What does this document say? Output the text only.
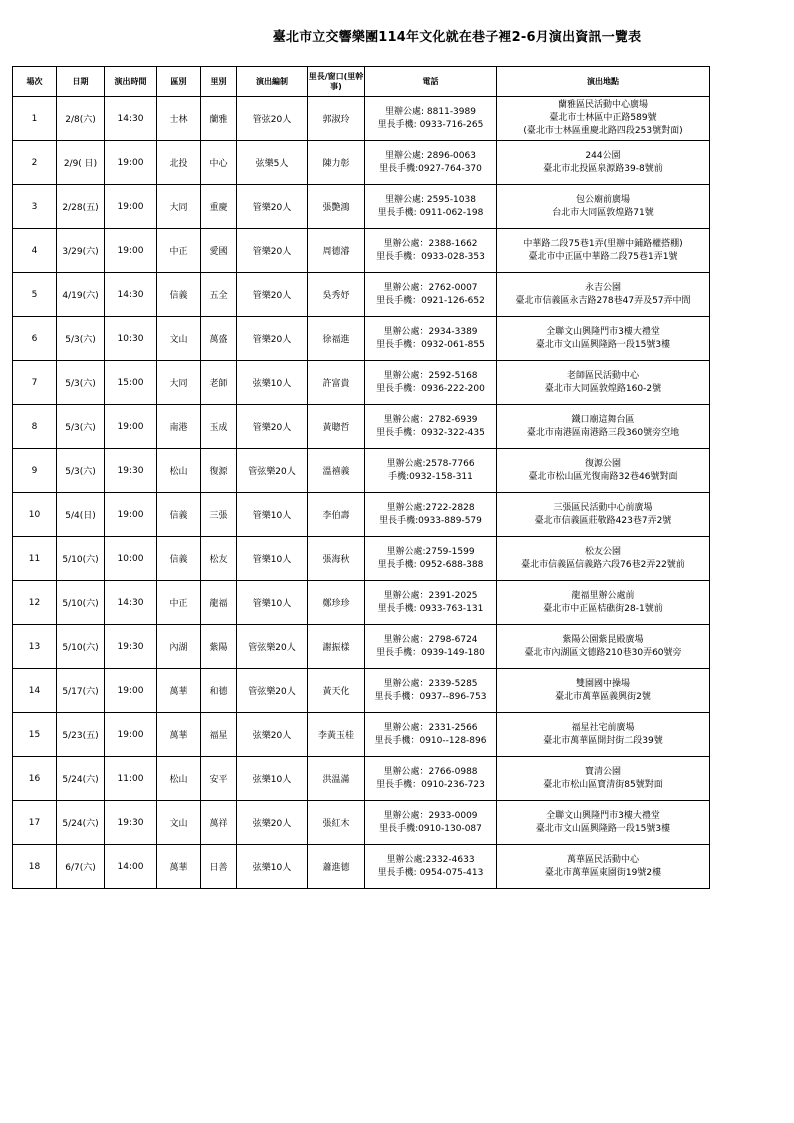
臺北市立交響樂團114年文化就在巷子裡2-6月演出資訊一覽表
場次	日期	演出時間	區別	里別	演出編制	里長/窗口(里幹事)	電話	演出地點
1	2/8(六)	14:30	士林	蘭雅	管弦20人	郭淑玲	里辦公處: 8811-3989
里長手機: 0933-716-265	蘭雅區民活動中心廣場
臺北市士林區中正路589號
(臺北市士林區重慶北路四段253號對面)

2	2/9( 日)	19:00	北投	中心	弦樂5人	陳力彰	里辦公處: 2896-0063
里長手機:0927-764-370	244公園
臺北市北投區泉源路39-8號前

3	2/28(五)	19:00	大同	重慶	管樂20人	張艷鴻	里辦公處: 2595-1038
里長手機: 0911-062-198	包公廟前廣場
台北市大同區敦煌路71號

4	3/29(六)	19:00	中正	愛國	管樂20人	周德濬	里辦公處：2388-1662
里長手機：0933-028-353	中華路二段75巷1弄(里辦中鋪路權搭棚)
臺北市中正區中華路二段75巷1弄1號

5	4/19(六)	14:30	信義	五全	管樂20人	吳秀妤	里辦公處：2762-0007
里長手機：0921-126-652	永吉公園
臺北市信義區永吉路278巷47弄及57弄中間

6	5/3(六)	10:30	文山	萬盛	管樂20人	徐福進	里辦公處：2934-3389
里長手機：0932-061-855	全聯文山興隆門市3樓大禮堂
臺北市文山區興隆路一段15號3樓

7	5/3(六)	15:00	大同	老師	弦樂10人	許富貴	里辦公處：2592-5168
里長手機：0936-222-200	老師區民活動中心
臺北市大同區敦煌路160-2號

8	5/3(六)	19:00	南港	玉成	管樂20人	黃聰哲	里辦公處：2782-6939
里長手機：0932-322-435	鐵口廟這舞台區
臺北市南港區南港路三段360號旁空地

9	5/3(六)	19:30	松山	復源	管弦樂20人	溫禧義	里辦公處:2578-7766
手機:0932-158-311	復源公園
臺北市松山區光復南路32巷46號對面

10	5/4(日)	19:00	信義	三張	管樂10人	李伯壽	里辦公處:2722-2828
里長手機:0933-889-579	三張區民活動中心前廣場
臺北市信義區莊敬路423巷7弄2號

11	5/10(六)	10:00	信義	松友	管樂10人	張海秋	里辦公處:2759-1599
里長手機: 0952-688-388	松友公園
臺北市信義區信義路六段76巷2弄22號前

12	5/10(六)	14:30	中正	龍福	管樂10人	鄭珍珍	里辦公處：2391-2025
里長手機: 0933-763-131	龍福里辦公處前
臺北市中正區桔礁街28-1號前

13	5/10(六)	19:30	內湖	紫陽	管弦樂20人	謝振樣	里辦公處：2798-6724
里長手機：0939-149-180	紫陽公園紫昆殿廣場
臺北市內湖區文德路210巷30弄60號旁

14	5/17(六)	19:00	萬華	和德	管弦樂20人	黃天化	里辦公處：2339-5285
里長手機：0937--896-753	雙園國中操場
臺北市萬華區義興街2號

15	5/23(五)	19:00	萬華	福星	弦樂20人	李黃玉桂	里辦公處：2331-2566
里長手機：0910--128-896	福星社宅前廣場
臺北市萬華區開封街二段39號

16	5/24(六)	11:00	松山	安平	弦樂10人	洪温滿	里辦公處：2766-0988
里長手機：0910-236-723	寶清公園
臺北市松山區寶清街85號對面

17	5/24(六)	19:30	文山	萬祥	弦樂20人	張紅木	里辦公處：2933-0009
里長手機:0910-130-087	全聯文山興隆門市3樓大禮堂
臺北市文山區興隆路一段15號3樓

18	6/7(六)	14:00	萬華	日善	弦樂10人	蕭進德	里辦公處:2332-4633
里長手機: 0954-075-413	萬華區民活動中心
臺北市萬華區東園街19號2樓
